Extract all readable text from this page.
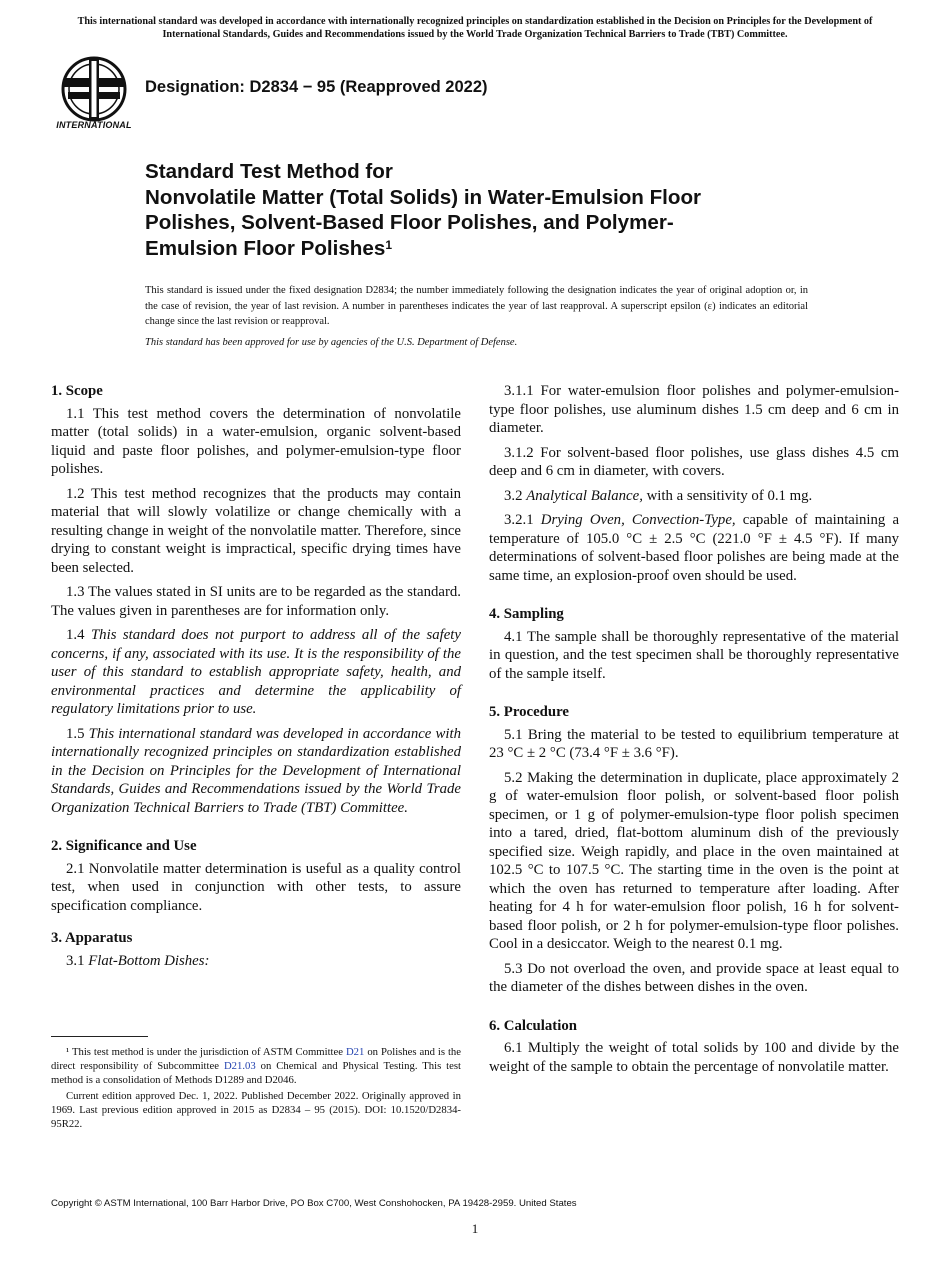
This international standard was developed in accordance with internationally recognized principles on standardization established in the Decision on Principles for the Development of International Standards, Guides and Recommendations issued by the World Trade Organization Technical Barriers to Trade (TBT) Committee.
INTERNATIONAL
Designation: D2834 − 95 (Reapproved 2022)
Standard Test Method for
Nonvolatile Matter (Total Solids) in Water-Emulsion Floor
Polishes, Solvent-Based Floor Polishes, and Polymer-
Emulsion Floor Polishes$^1$
This standard is issued under the fixed designation D2834; the number immediately following the designation indicates the year of original adoption or, in the case of revision, the year of last revision. A number in parentheses indicates the year of last reapproval. A superscript epsilon (ε) indicates an editorial change since the last revision or reapproval.
This standard has been approved for use by agencies of the U.S. Department of Defense.
1. Scope

1.1 This test method covers the determination of nonvolatile matter (total solids) in a water-emulsion, organic solvent-based liquid and paste floor polishes, and polymer-emulsion-type floor polishes.

1.2 This test method recognizes that the products may contain material that will slowly volatilize or change chemically with a resulting change in weight of the nonvolatile matter. Therefore, since drying to constant weight is impractical, specific drying times have been selected.

1.3 The values stated in SI units are to be regarded as the standard. The values given in parentheses are for information only.

1.4 This standard does not purport to address all of the safety concerns, if any, associated with its use. It is the responsibility of the user of this standard to establish appropriate safety, health, and environmental practices and determine the applicability of regulatory limitations prior to use.

1.5 This international standard was developed in accordance with internationally recognized principles on standardization established in the Decision on Principles for the Development of International Standards, Guides and Recommendations issued by the World Trade Organization Technical Barriers to Trade (TBT) Committee.

2. Significance and Use

2.1 Nonvolatile matter determination is useful as a quality control test, when used in conjunction with other tests, to assure specification compliance.

3. Apparatus

3.1 Flat-Bottom Dishes:

3.1.1 For water-emulsion floor polishes and polymer-emulsion-type floor polishes, use aluminum dishes 1.5 cm deep and 6 cm in diameter.

3.1.2 For solvent-based floor polishes, use glass dishes 4.5 cm deep and 6 cm in diameter, with covers.

3.2 Analytical Balance, with a sensitivity of 0.1 mg.

3.2.1 Drying Oven, Convection-Type, capable of maintaining a temperature of 105.0 °C ± 2.5 °C (221.0 °F ± 4.5 °F). If many determinations of solvent-based floor polishes are being made at the same time, an explosion-proof oven should be used.

4. Sampling

4.1 The sample shall be thoroughly representative of the material in question, and the test specimen shall be thoroughly representative of the sample itself.

5. Procedure

5.1 Bring the material to be tested to equilibrium temperature at 23 °C ± 2 °C (73.4 °F ± 3.6 °F).

5.2 Making the determination in duplicate, place approximately 2 g of water-emulsion floor polish, or solvent-based floor polish specimen, or 1 g of polymer-emulsion-type floor polish specimen into a tared, dried, flat-bottom aluminum dish of the previously specified size. Weigh rapidly, and place in the oven maintained at 102.5 °C to 107.5 °C. The starting time in the oven is the point at which the oven has returned to temperature after loading. After heating for 4 h for water-emulsion floor polish, 16 h for solvent-based floor polish, or 2 h for polymer-emulsion-type floor polishes. Cool in a desiccator. Weigh to the nearest 0.1 mg.

5.3 Do not overload the oven, and provide space at least equal to the diameter of the dishes between dishes in the oven.

6. Calculation

6.1 Multiply the weight of total solids by 100 and divide by the weight of the sample to obtain the percentage of nonvolatile matter.

¹ This test method is under the jurisdiction of ASTM Committee D21 on Polishes and is the direct responsibility of Subcommittee D21.03 on Chemical and Physical Testing. This test method is a consolidation of Methods D1289 and D2046.

Current edition approved Dec. 1, 2022. Published December 2022. Originally approved in 1969. Last previous edition approved in 2015 as D2834 – 95 (2015). DOI: 10.1520/D2834-95R22.

Copyright © ASTM International, 100 Barr Harbor Drive, PO Box C700, West Conshohocken, PA 19428-2959. United States
1
